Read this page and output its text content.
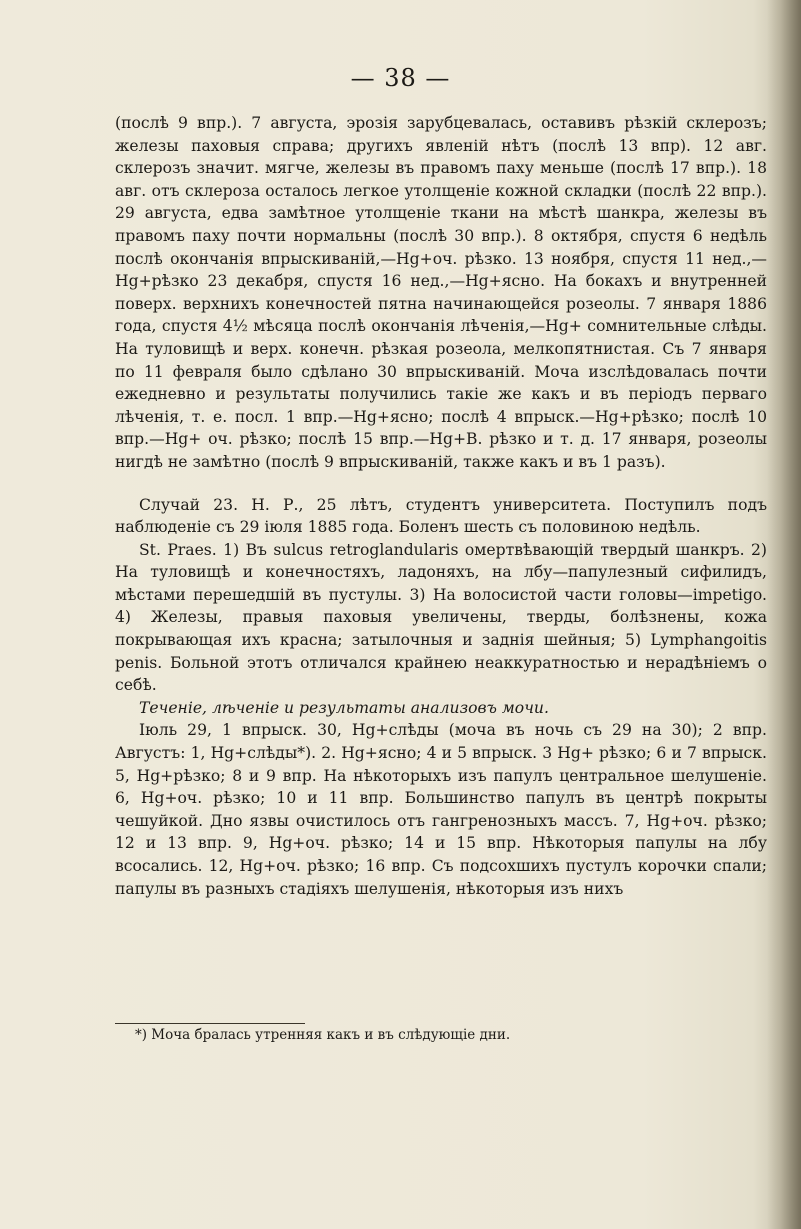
— 38 —

(послѣ 9 впр.). 7 августа, эрозія зарубцевалась, оставивъ рѣзкій склерозъ; железы паховыя справа; другихъ явленій нѣтъ (послѣ 13 впр). 12 авг. склерозъ значит. мягче, железы въ правомъ паху меньше (послѣ 17 впр.). 18 авг. отъ склероза осталось легкое утолщеніе кожной складки (послѣ 22 впр.). 29 августа, едва замѣтное утолщеніе ткани на мѣстѣ шанкра, железы въ правомъ паху почти нормальны (послѣ 30 впр.). 8 октября, спустя 6 недѣль послѣ окончанія впрыскиваній,—Hg+оч. рѣзко. 13 ноября, спустя 11 нед.,—Hg+рѣзко 23 декабря, спустя 16 нед.,—Hg+ясно. На бокахъ и внутренней поверх. верхнихъ конечностей пятна начинающейся розеолы. 7 января 1886 года, спустя 4½ мѣсяца послѣ окончанія лѣченія,—Hg+ сомнительные слѣды. На туловищѣ и верх. конечн. рѣзкая розеола, мелкопятнистая. Съ 7 января по 11 февраля было сдѣлано 30 впрыскиваній. Моча изслѣдовалась почти ежедневно и результаты получились такіе же какъ и въ періодъ перваго лѣченія, т. е. посл. 1 впр.—Hg+ясно; послѣ 4 впрыск.—Hg+рѣзко; послѣ 10 впр.—Hg+ оч. рѣзко; послѣ 15 впр.—Hg+B. рѣзко и т. д. 17 января, розеолы нигдѣ не замѣтно (послѣ 9 впрыскиваній, также какъ и въ 1 разъ).

Случай 23. Н. Р., 25 лѣтъ, студентъ университета. Поступилъ подъ наблюденіе съ 29 іюля 1885 года. Боленъ шесть съ половиною недѣль.

St. Praes. 1) Въ sulcus retroglandularis омертвѣвающій твердый шанкръ. 2) На туловищѣ и конечностяхъ, ладоняхъ, на лбу—папулезный сифилидъ, мѣстами перешедшій въ пустулы. 3) На волосистой части головы—impetigo. 4) Железы, правыя паховыя увеличены, тверды, болѣзнены, кожа покрывающая ихъ красна; затылочныя и заднія шейныя; 5) Lymphangoitis penis. Больной этотъ отличался крайнею неаккуратностью и нерадѣніемъ о себѣ.

Теченіе, лѣченіе и результаты анализовъ мочи.

Іюль 29, 1 впрыск. 30, Hg+слѣды (моча въ ночь съ 29 на 30); 2 впр. Августъ: 1, Hg+слѣды*). 2. Hg+ясно; 4 и 5 впрыск. 3 Hg+ рѣзко; 6 и 7 впрыск. 5, Hg+рѣзко; 8 и 9 впр. На нѣкоторыхъ изъ папулъ центральное шелушеніе. 6, Hg+оч. рѣзко; 10 и 11 впр. Большинство папулъ въ центрѣ покрыты чешуйкой. Дно язвы очистилось отъ гангренозныхъ массъ. 7, Hg+оч. рѣзко; 12 и 13 впр. 9, Hg+оч. рѣзко; 14 и 15 впр. Нѣкоторыя папулы на лбу всосались. 12, Hg+оч. рѣзко; 16 впр. Съ подсохшихъ пустулъ корочки спали; папулы въ разныхъ стадіяхъ шелушенія, нѣкоторыя изъ нихъ

*) Моча бралась утренняя какъ и въ слѣдующіе дни.
